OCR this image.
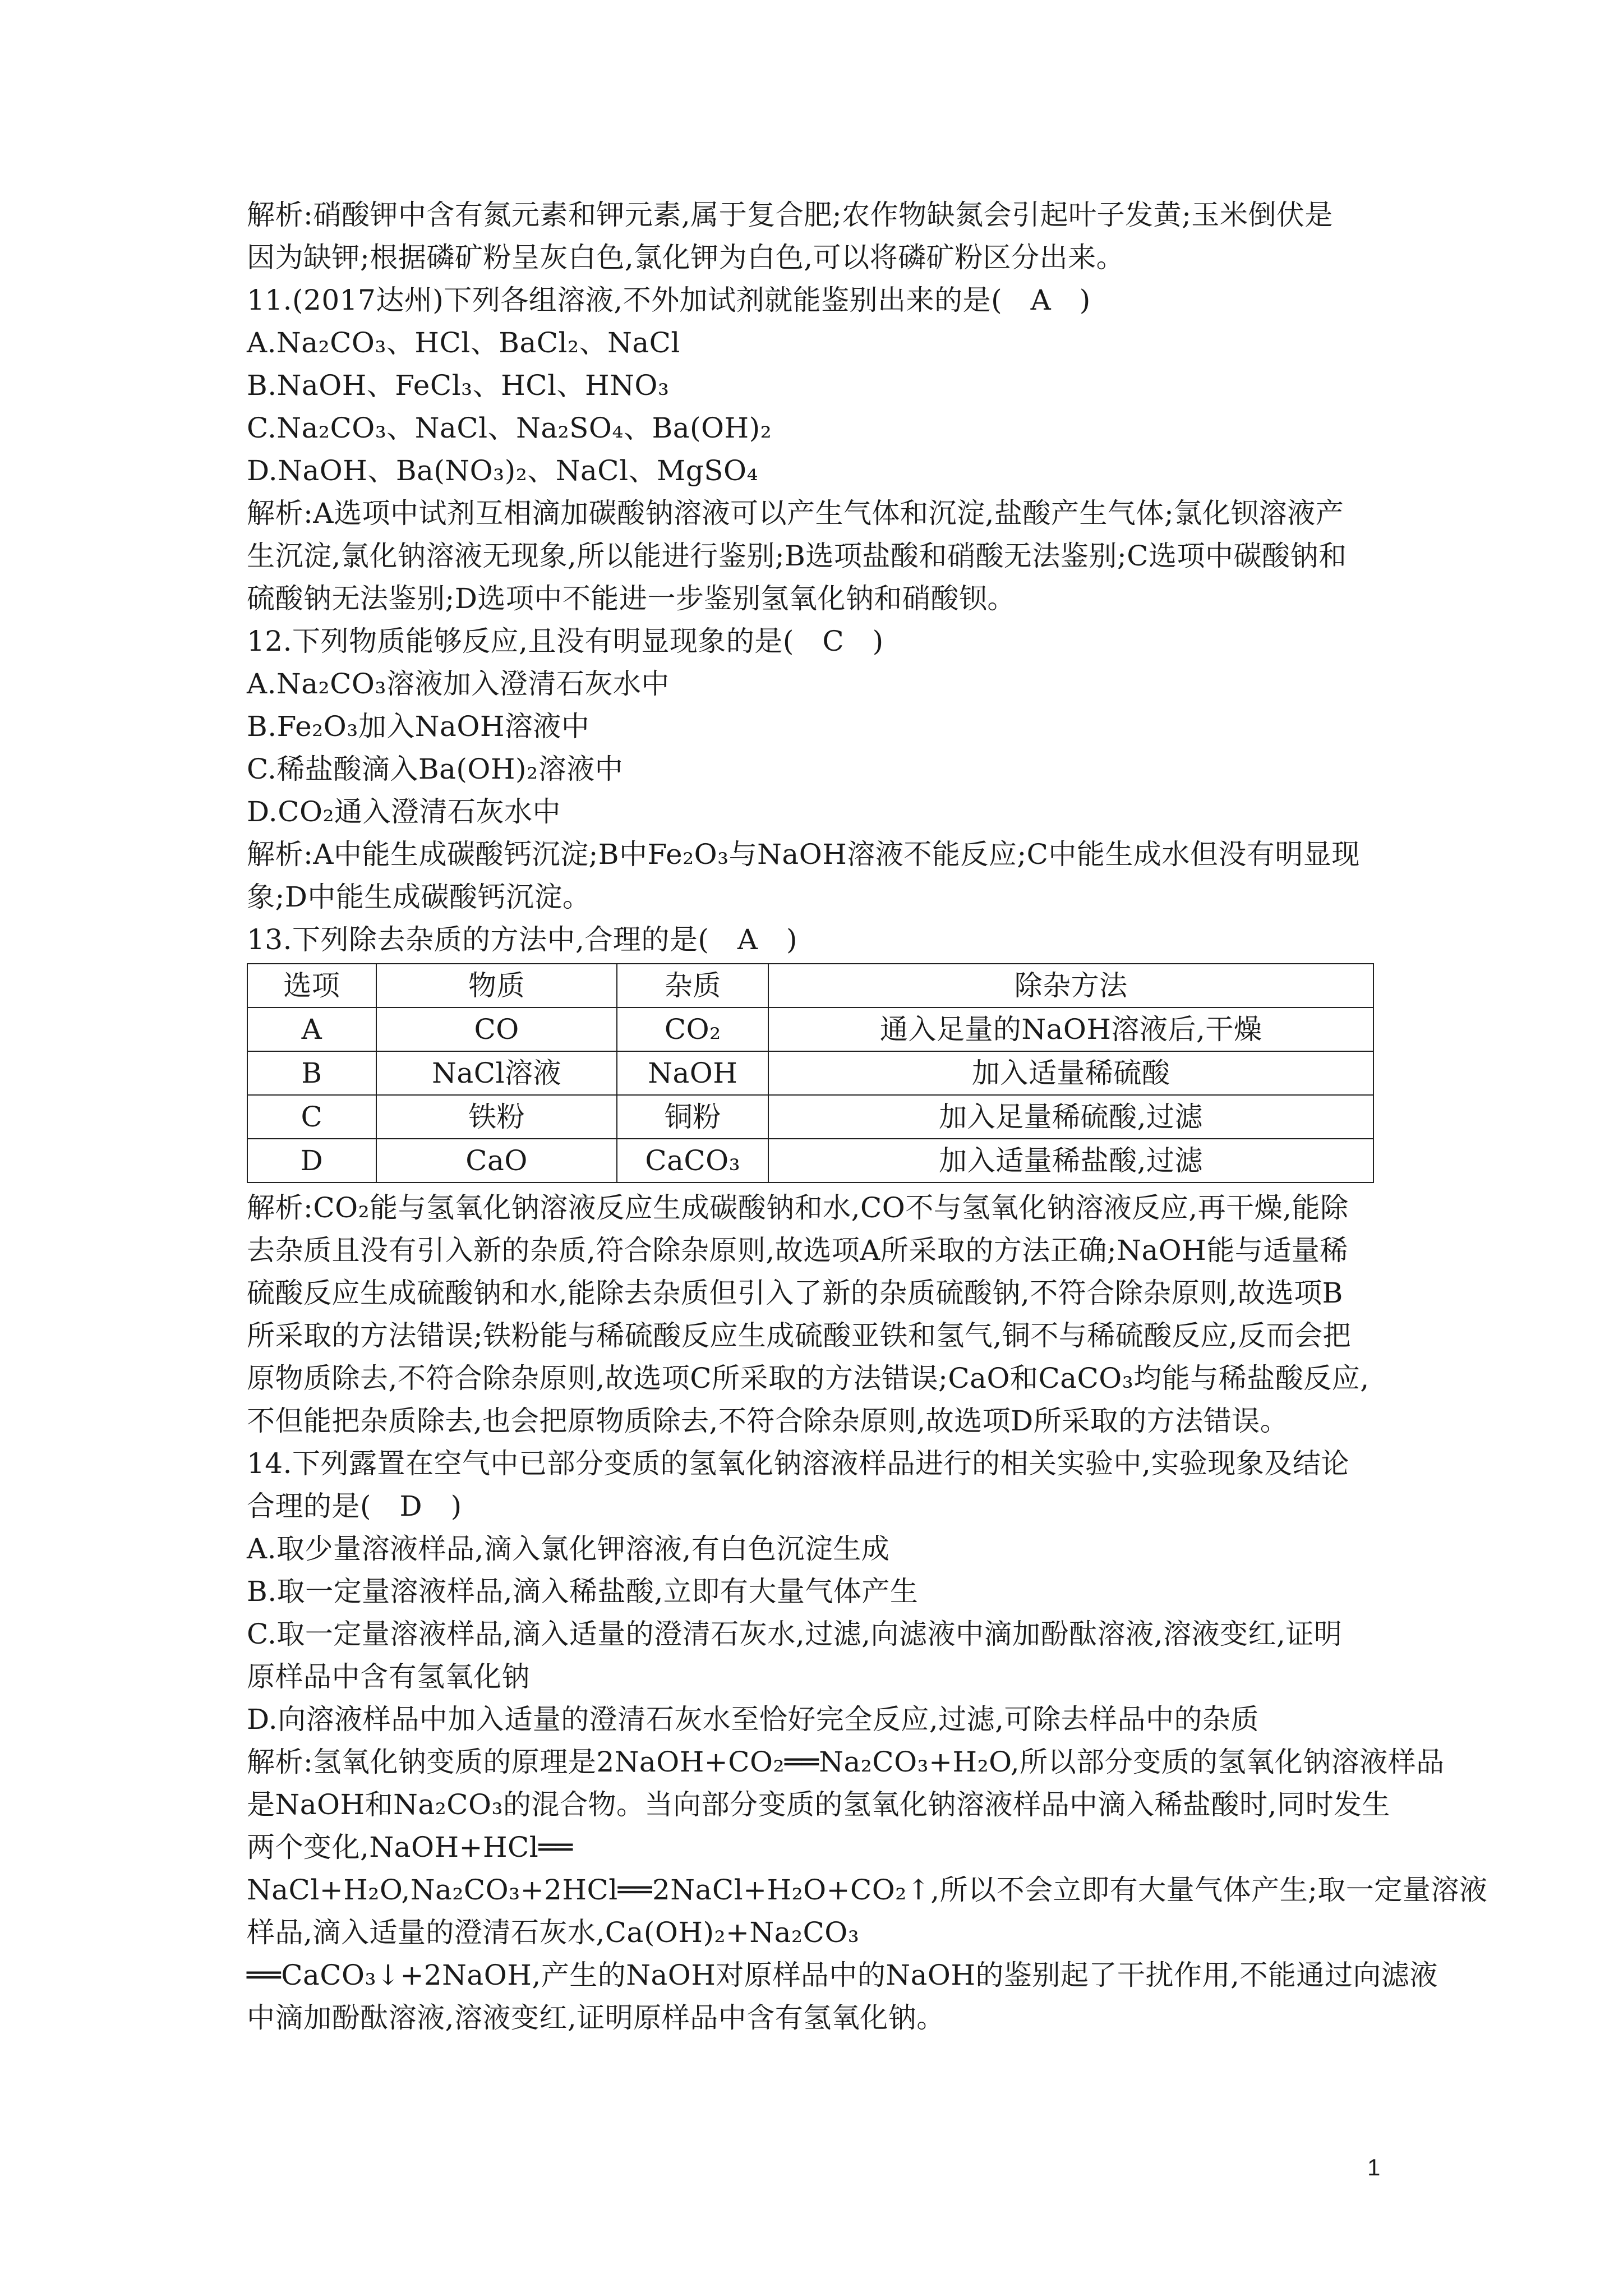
解析:硝酸钾中含有氮元素和钾元素,属于复合肥;农作物缺氮会引起叶子发黄;玉米倒伏是
因为缺钾;根据磷矿粉呈灰白色,氯化钾为白色,可以将磷矿粉区分出来。
11.(2017达州)下列各组溶液,不外加试剂就能鉴别出来的是(　A　)
A.Na₂CO₃、HCl、BaCl₂、NaCl
B.NaOH、FeCl₃、HCl、HNO₃
C.Na₂CO₃、NaCl、Na₂SO₄、Ba(OH)₂
D.NaOH、Ba(NO₃)₂、NaCl、MgSO₄
解析:A选项中试剂互相滴加碳酸钠溶液可以产生气体和沉淀,盐酸产生气体;氯化钡溶液产
生沉淀,氯化钠溶液无现象,所以能进行鉴别;B选项盐酸和硝酸无法鉴别;C选项中碳酸钠和
硫酸钠无法鉴别;D选项中不能进一步鉴别氢氧化钠和硝酸钡。
12.下列物质能够反应,且没有明显现象的是(　C　)
A.Na₂CO₃溶液加入澄清石灰水中
B.Fe₂O₃加入NaOH溶液中
C.稀盐酸滴入Ba(OH)₂溶液中
D.CO₂通入澄清石灰水中
解析:A中能生成碳酸钙沉淀;B中Fe₂O₃与NaOH溶液不能反应;C中能生成水但没有明显现
象;D中能生成碳酸钙沉淀。
13.下列除去杂质的方法中,合理的是(　A　)
选项	物质	杂质	除杂方法
A	CO	CO₂	通入足量的NaOH溶液后,干燥
B	NaCl溶液	NaOH	加入适量稀硫酸
C	铁粉	铜粉	加入足量稀硫酸,过滤
D	CaO	CaCO₃	加入适量稀盐酸,过滤
解析:CO₂能与氢氧化钠溶液反应生成碳酸钠和水,CO不与氢氧化钠溶液反应,再干燥,能除
去杂质且没有引入新的杂质,符合除杂原则,故选项A所采取的方法正确;NaOH能与适量稀
硫酸反应生成硫酸钠和水,能除去杂质但引入了新的杂质硫酸钠,不符合除杂原则,故选项B
所采取的方法错误;铁粉能与稀硫酸反应生成硫酸亚铁和氢气,铜不与稀硫酸反应,反而会把
原物质除去,不符合除杂原则,故选项C所采取的方法错误;CaO和CaCO₃均能与稀盐酸反应,
不但能把杂质除去,也会把原物质除去,不符合除杂原则,故选项D所采取的方法错误。
14.下列露置在空气中已部分变质的氢氧化钠溶液样品进行的相关实验中,实验现象及结论
合理的是(　D　)
A.取少量溶液样品,滴入氯化钾溶液,有白色沉淀生成
B.取一定量溶液样品,滴入稀盐酸,立即有大量气体产生
C.取一定量溶液样品,滴入适量的澄清石灰水,过滤,向滤液中滴加酚酞溶液,溶液变红,证明
原样品中含有氢氧化钠
D.向溶液样品中加入适量的澄清石灰水至恰好完全反应,过滤,可除去样品中的杂质
解析:氢氧化钠变质的原理是2NaOH+CO₂══Na₂CO₃+H₂O,所以部分变质的氢氧化钠溶液样品
是NaOH和Na₂CO₃的混合物。当向部分变质的氢氧化钠溶液样品中滴入稀盐酸时,同时发生
两个变化,NaOH+HCl══
NaCl+H₂O,Na₂CO₃+2HCl══2NaCl+H₂O+CO₂↑,所以不会立即有大量气体产生;取一定量溶液
样品,滴入适量的澄清石灰水,Ca(OH)₂+Na₂CO₃
══CaCO₃↓+2NaOH,产生的NaOH对原样品中的NaOH的鉴别起了干扰作用,不能通过向滤液
中滴加酚酞溶液,溶液变红,证明原样品中含有氢氧化钠。
1
